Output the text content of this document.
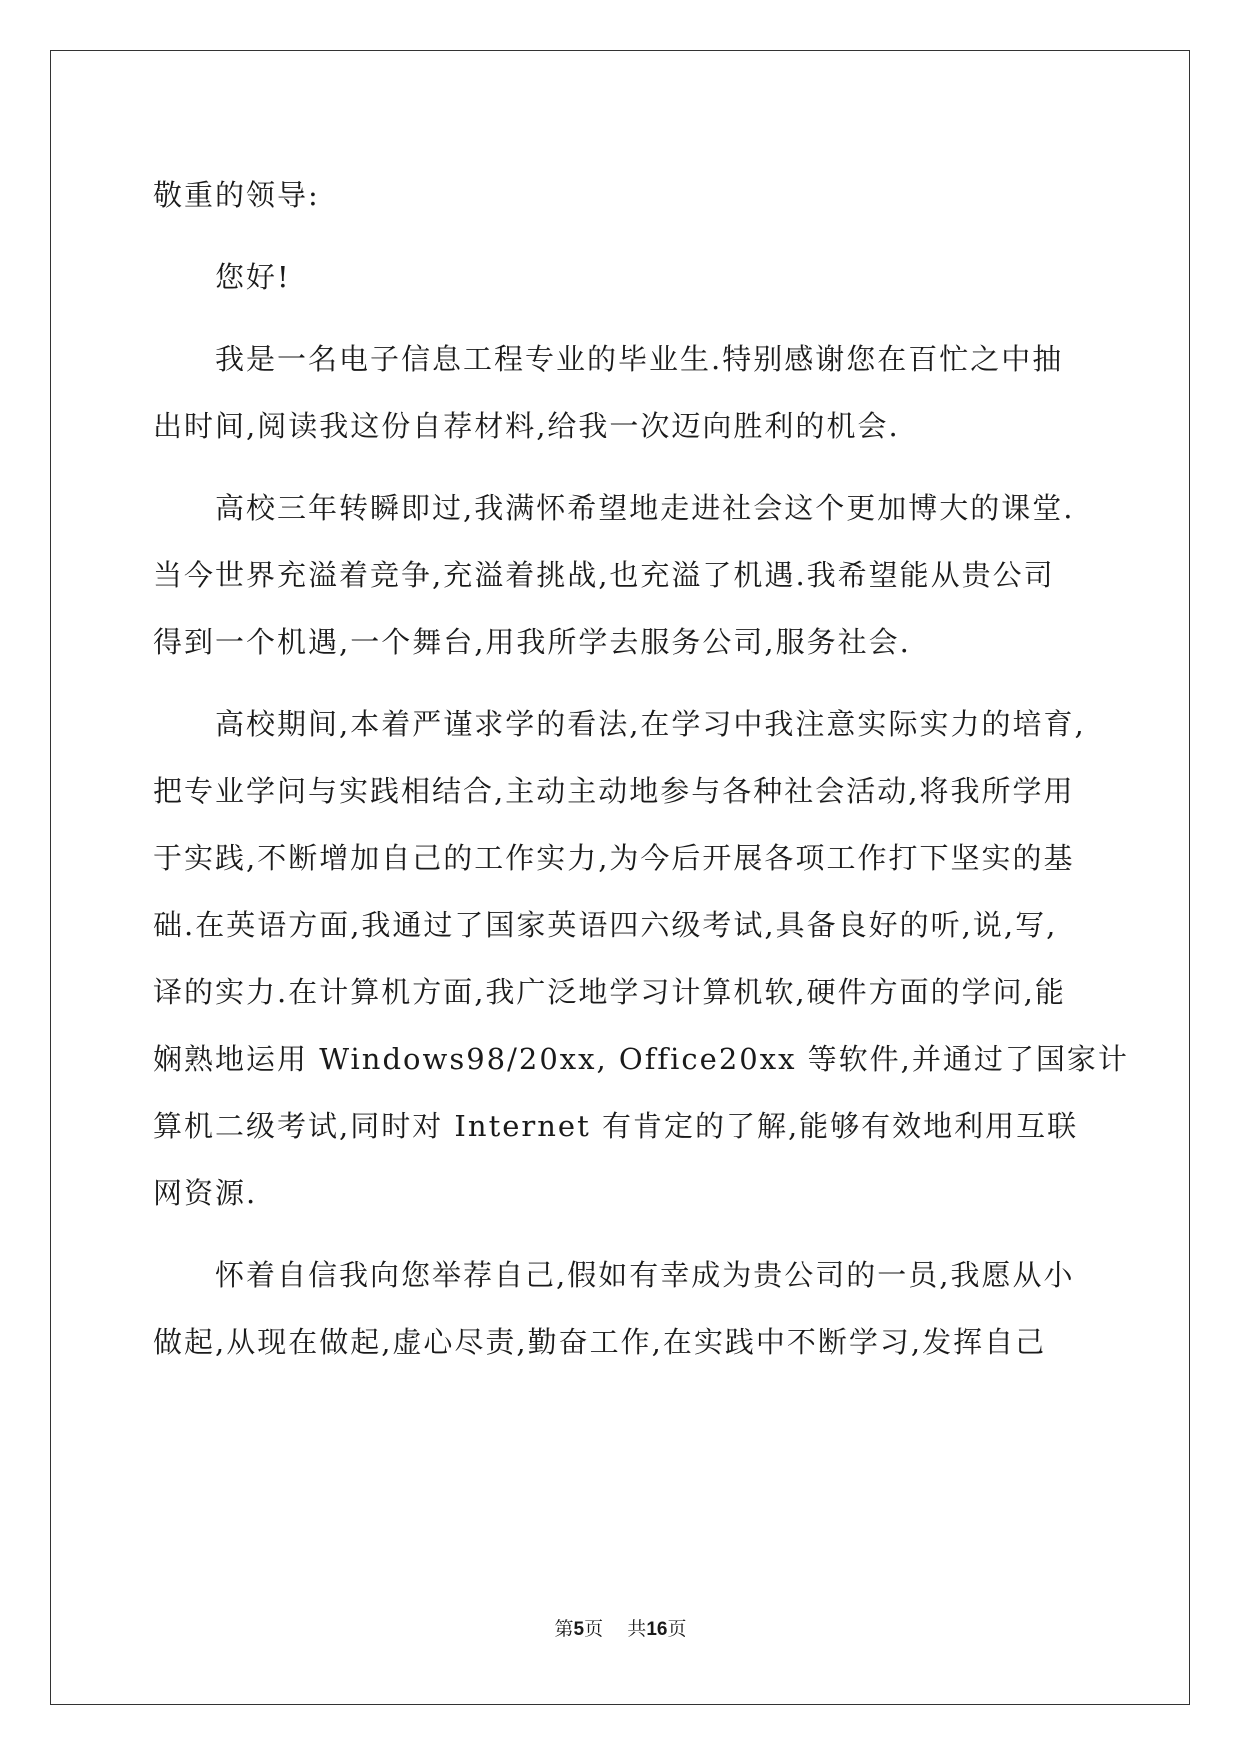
敬重的领导:
您好!
我是一名电子信息工程专业的毕业生.特别感谢您在百忙之中抽
出时间,阅读我这份自荐材料,给我一次迈向胜利的机会.
高校三年转瞬即过,我满怀希望地走进社会这个更加博大的课堂.
当今世界充溢着竞争,充溢着挑战,也充溢了机遇.我希望能从贵公司
得到一个机遇,一个舞台,用我所学去服务公司,服务社会.
高校期间,本着严谨求学的看法,在学习中我注意实际实力的培育,
把专业学问与实践相结合,主动主动地参与各种社会活动,将我所学用
于实践,不断增加自己的工作实力,为今后开展各项工作打下坚实的基
础.在英语方面,我通过了国家英语四六级考试,具备良好的听,说,写,
译的实力.在计算机方面,我广泛地学习计算机软,硬件方面的学问,能
娴熟地运用 Windows98/20xx, Office20xx 等软件,并通过了国家计
算机二级考试,同时对 Internet 有肯定的了解,能够有效地利用互联
网资源.
怀着自信我向您举荐自己,假如有幸成为贵公司的一员,我愿从小
做起,从现在做起,虚心尽责,勤奋工作,在实践中不断学习,发挥自己
第5页 共16页
